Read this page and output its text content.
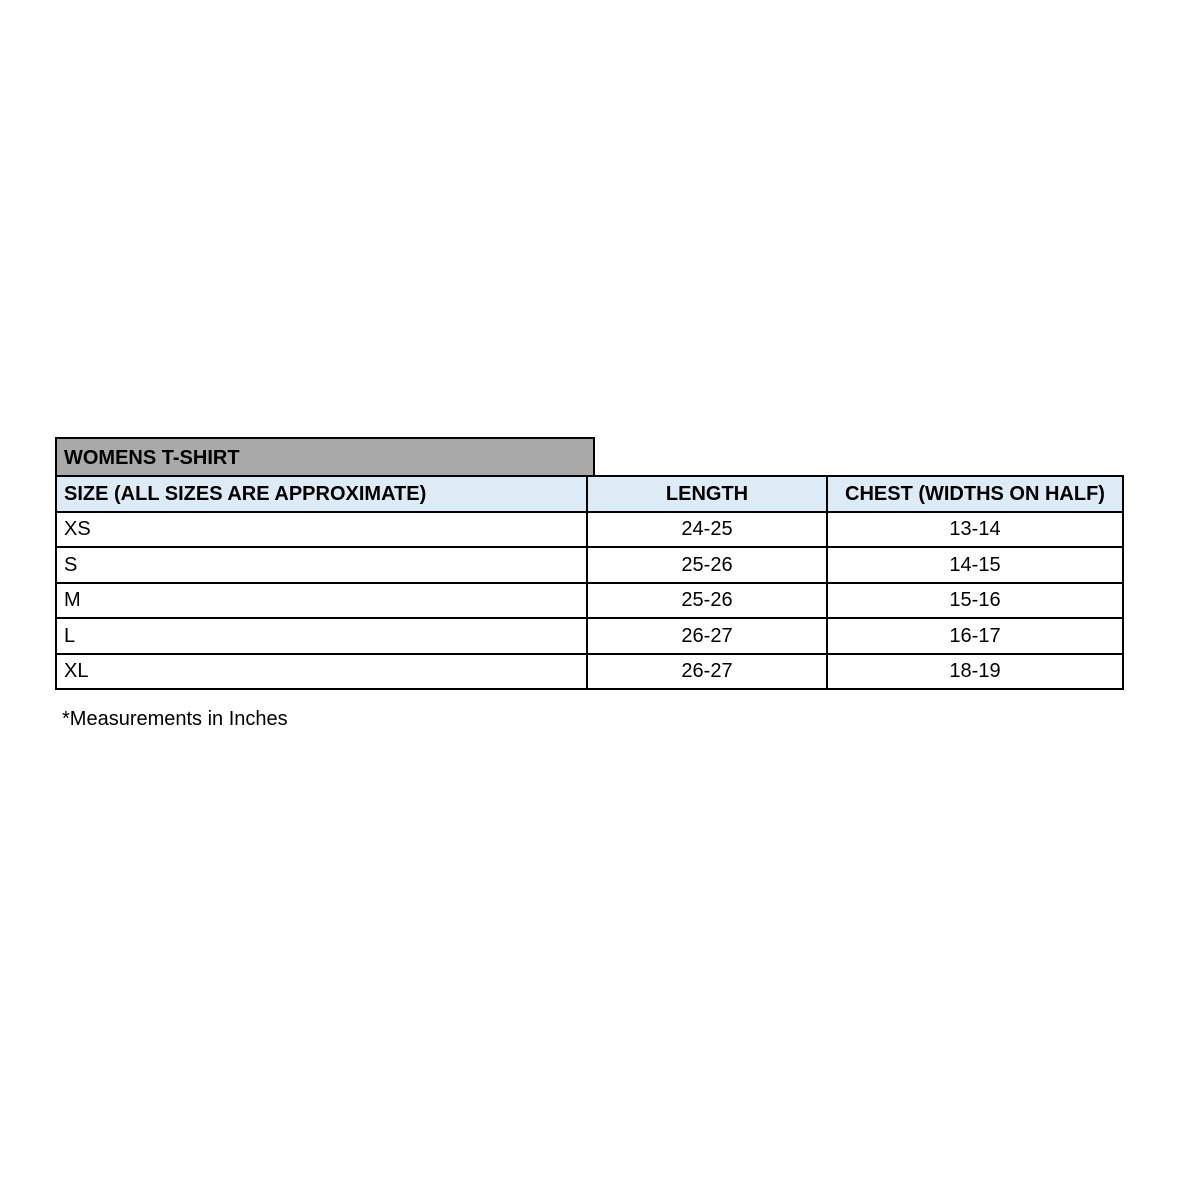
WOMENS T-SHIRT
SIZE (ALL SIZES ARE APPROXIMATE)	LENGTH	CHEST (WIDTHS ON HALF)
XS	24-25	13-14
S	25-26	14-15
M	25-26	15-16
L	26-27	16-17
XL	26-27	18-19
*Measurements in Inches
